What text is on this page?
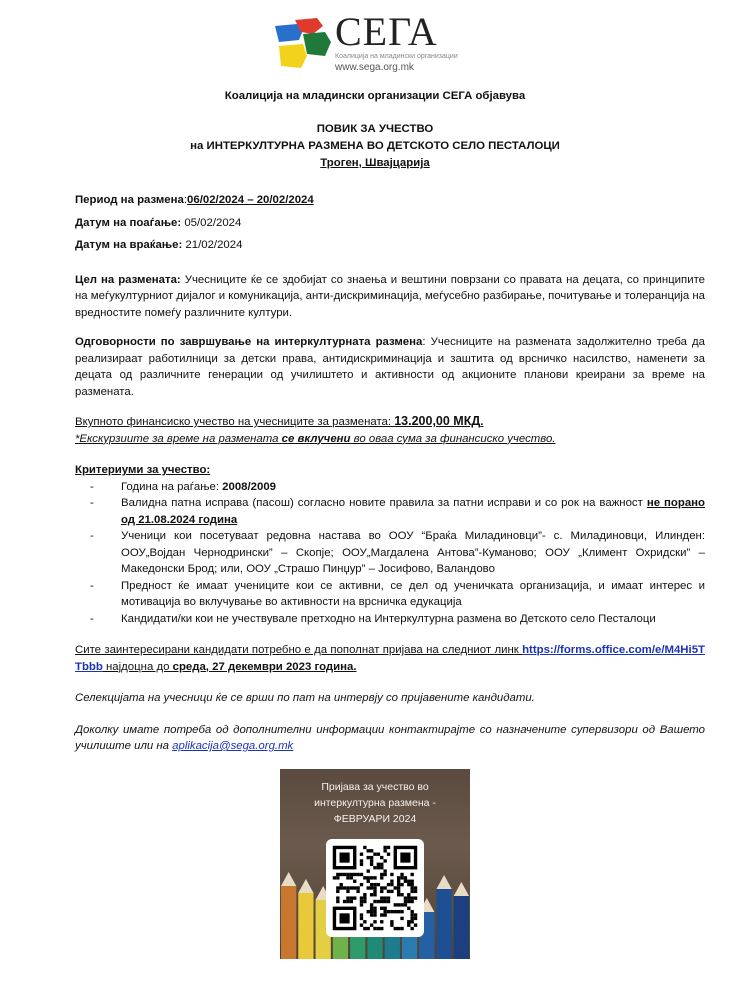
СЕГА
Коалиција на младински организации
www.sega.org.mk
Коалиција на младински организации СЕГА објавува
ПОВИК ЗА УЧЕСТВО
на ИНТЕРКУЛТУРНА РАЗМЕНА ВО ДЕТСКОТО СЕЛО ПЕСТАЛОЦИ
Троген, Швајцарија
Период на размена:06/02/2024 – 20/02/2024
Датум на поаѓање: 05/02/2024
Датум на враќање: 21/02/2024
Цел на размената: Учесниците ќе се здобијат со знаења и вештини поврзани со правата на децата, со принципите на меѓукултурниот дијалог и комуникација, анти-дискриминација, меѓусебно разбирање, почитување и толеранција на вредностите помеѓу различните култури.
Одговорности по завршување на интеркултурната размена: Учесниците на размената задолжително треба да реализираат работилници за детски права, антидискриминација и заштита од врсничко насилство, наменети за децата од различните генерации од училиштето и активности од акционите планови креирани за време на размената.
Вкупното финансиско учество на учесниците за размената: 13.200,00 МКД.
*Екскурзиите за време на размената се вклучени во оваа сума за финансиско учество.
Критериуми за учество:
- Година на раѓање: 2008/2009
- Валидна патна исправа (пасош) согласно новите правила за патни исправи и со рок на важност не порано од 21.08.2024 година
- Ученици кои посетуваат редовна настава во ООУ “Браќа Миладиновци”- с. Миладиновци, Илинден: ООУ„Војдан Чернодрински” – Скопје; ООУ„Магдалена Антова”-Куманово; ООУ „Климент Охридски” – Македонски Брод; или, ООУ „Страшо Пинџур” – Јосифово, Валандово
- Предност ќе имаат учениците кои се активни, се дел од ученичката организација, и имаат интерес и мотивација во вклучување во активности на врсничка едукација
- Кандидати/ки кои не учествувале претходно на Интеркултурна размена во Детското село Песталоци
Сите заинтересирани кандидати потребно е да пополнат пријава на следниот линк https://forms.office.com/e/M4Hi5TTbbb најдоцна до среда, 27 декември 2023 година.
Селекцијата на учесници ќе се врши по пат на интервју со пријавените кандидати.
Доколку имате потреба од дополнителни информации контактирајте со назначените супервизори од Вашето училиште или на aplikacija@sega.org.mk
Пријава за учество во
интеркултурна размена -
ФЕВРУАРИ 2024
